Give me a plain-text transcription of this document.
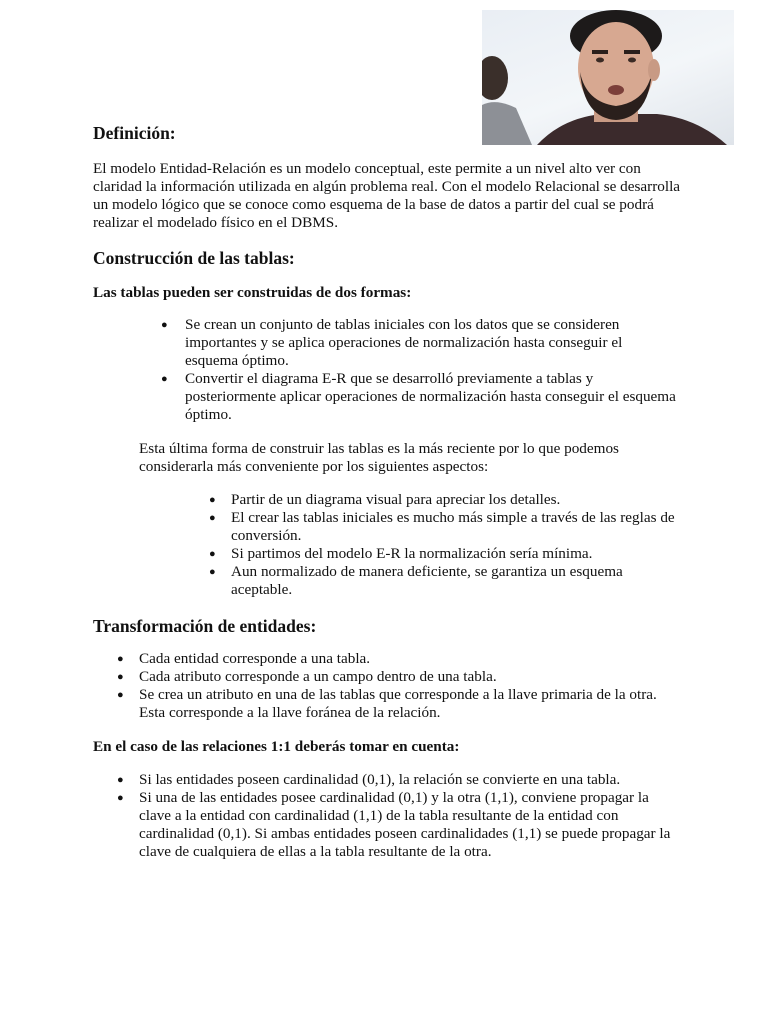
Definición:

El modelo Entidad-Relación es un modelo conceptual, este permite a un nivel alto ver con claridad la información utilizada en algún problema real. Con el modelo Relacional se desarrolla un modelo lógico que se conoce como esquema de la base de datos a partir del cual se podrá realizar el modelado físico en el DBMS.

Construcción de las tablas:

Las tablas pueden ser construidas de dos formas:

● Se crean un conjunto de tablas iniciales con los datos que se consideren importantes y se aplica operaciones de normalización hasta conseguir el esquema óptimo.
● Convertir el diagrama E-R que se desarrolló previamente a tablas y posteriormente aplicar operaciones de normalización hasta conseguir el esquema óptimo.

Esta última forma de construir las tablas es la más reciente por lo que podemos considerarla más conveniente por los siguientes aspectos:

● Partir de un diagrama visual para apreciar los detalles.
● El crear las tablas iniciales es mucho más simple a través de las reglas de conversión.
● Si partimos del modelo E-R la normalización sería mínima.
● Aun normalizado de manera deficiente, se garantiza un esquema aceptable.
Transformación de entidades:
● Cada entidad corresponde a una tabla.
● Cada atributo corresponde a un campo dentro de una tabla.
● Se crea un atributo en una de las tablas que corresponde a la llave primaria de la otra. Esta corresponde a la llave foránea de la relación.

En el caso de las relaciones 1:1 deberás tomar en cuenta:

● Si las entidades poseen cardinalidad (0,1), la relación se convierte en una tabla.
● Si una de las entidades posee cardinalidad (0,1) y la otra (1,1), conviene propagar la clave a la entidad con cardinalidad (1,1) de la tabla resultante de la entidad con cardinalidad (0,1). Si ambas entidades poseen cardinalidades (1,1) se puede propagar la clave de cualquiera de ellas a la tabla resultante de la otra.
